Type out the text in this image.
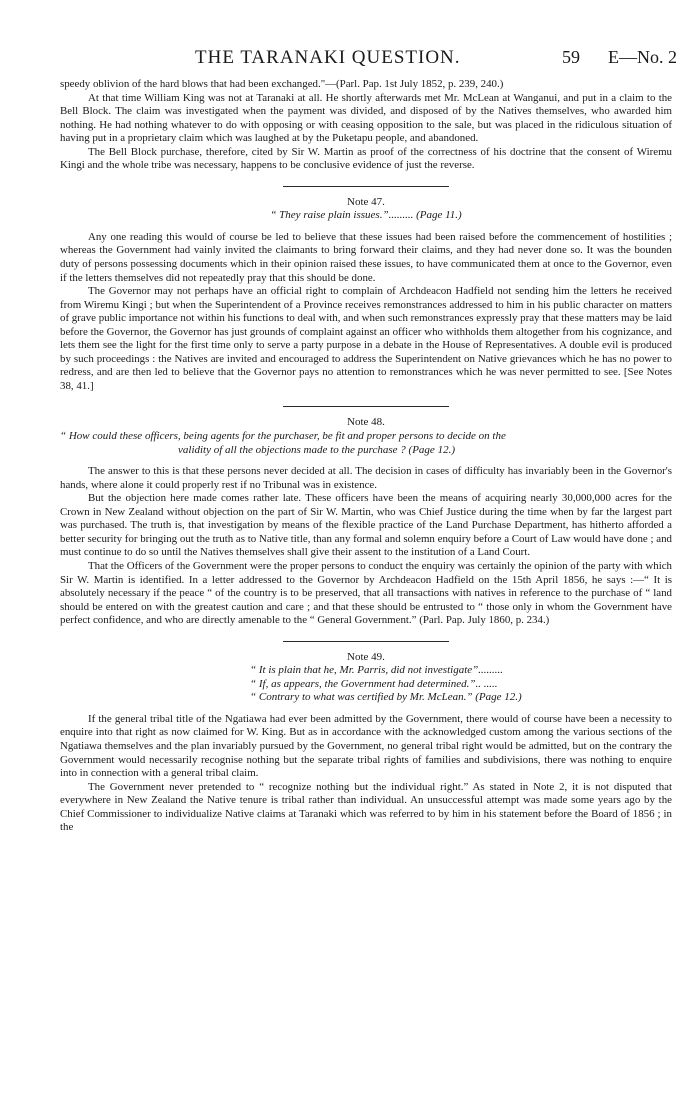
THE TARANAKI QUESTION.	59 E—No. 2

speedy oblivion of the hard blows that had been exchanged."—(Parl. Pap. 1st July 1852, p. 239, 240.)

At that time William King was not at Taranaki at all. He shortly afterwards met Mr. McLean at Wanganui, and put in a claim to the Bell Block. The claim was investigated when the payment was divided, and disposed of by the Natives themselves, who awarded him nothing. He had nothing whatever to do with opposing or with ceasing opposition to the sale, but was placed in the ridiculous situation of having put in a proprietary claim which was laughed at by the Puketapu people, and abandoned.

The Bell Block purchase, therefore, cited by Sir W. Martin as proof of the correctness of his doctrine that the consent of Wiremu Kingi and the whole tribe was necessary, happens to be conclusive evidence of just the reverse.

Note 47.

“ They raise plain issues.”......... (Page 11.)

Any one reading this would of course be led to believe that these issues had been raised before the commencement of hostilities ; whereas the Government had vainly invited the claimants to bring forward their claims, and they had never done so. It was the bounden duty of persons possessing documents which in their opinion raised these issues, to have communicated them at once to the Governor, even if the letters themselves did not repeatedly pray that this should be done.

The Governor may not perhaps have an official right to complain of Archdeacon Hadfield not sending him the letters he received from Wiremu Kingi ; but when the Superintendent of a Province receives remonstrances addressed to him in his public character on matters of grave public importance not within his functions to deal with, and when such remonstrances expressly pray that these matters may be laid before the Governor, the Governor has just grounds of complaint against an officer who withholds them altogether from his cognizance, and lets them see the light for the first time only to serve a party purpose in a debate in the House of Representatives. A double evil is produced by such proceedings : the Natives are invited and encouraged to address the Superintendent on Native grievances which he has no power to redress, and are then led to believe that the Governor pays no attention to remonstrances which he was never permitted to see. [See Notes 38, 41.]

Note 48.

“ How could these officers, being agents for the purchaser, be fit and proper persons to decide on the

validity of all the objections made to the purchase ? (Page 12.)

The answer to this is that these persons never decided at all. The decision in cases of difficulty has invariably been in the Governor's hands, where alone it could properly rest if no Tribunal was in existence.

But the objection here made comes rather late. These officers have been the means of acquiring nearly 30,000,000 acres for the Crown in New Zealand without objection on the part of Sir W. Martin, who was Chief Justice during the time when by far the largest part was purchased. The truth is, that investigation by means of the flexible practice of the Land Purchase Department, has hitherto afforded a better security for bringing out the truth as to Native title, than any formal and solemn enquiry before a Court of Law would have done ; and must continue to do so until the Natives themselves shall give their assent to the institution of a Land Court.

That the Officers of the Government were the proper persons to conduct the enquiry was certainly the opinion of the party with which Sir W. Martin is identified. In a letter addressed to the Governor by Archdeacon Hadfield on the 15th April 1856, he says :—“ It is absolutely necessary if the peace “ of the country is to be preserved, that all transactions with natives in reference to the purchase of “ land should be entered on with the greatest caution and care ; and that these should be entrusted to “ those only in whom the Government have perfect confidence, and who are directly amenable to the “ General Government.” (Parl. Pap. July 1860, p. 234.)

Note 49.

“ It is plain that he, Mr. Parris, did not investigate”.........

“ If, as appears, the Government had determined.”.. .....

“ Contrary to what was certified by Mr. McLean.” (Page 12.)

If the general tribal title of the Ngatiawa had ever been admitted by the Government, there would of course have been a necessity to enquire into that right as now claimed for W. King. But as in accordance with the acknowledged custom among the various sections of the Ngatiawa themselves and the plan invariably pursued by the Government, no general tribal right would be admitted, but on the contrary the Government would necessarily recognise nothing but the separate tribal rights of families and subdivisions, there was nothing to enquire into in connection with a general tribal claim.

The Government never pretended to “ recognize nothing but the individual right.” As stated in Note 2, it is not disputed that everywhere in New Zealand the Native tenure is tribal rather than individual. An unsuccessful attempt was made some years ago by the Chief Commissioner to individualize Native claims at Taranaki which was referred to by him in his statement before the Board of 1856 ; in the
